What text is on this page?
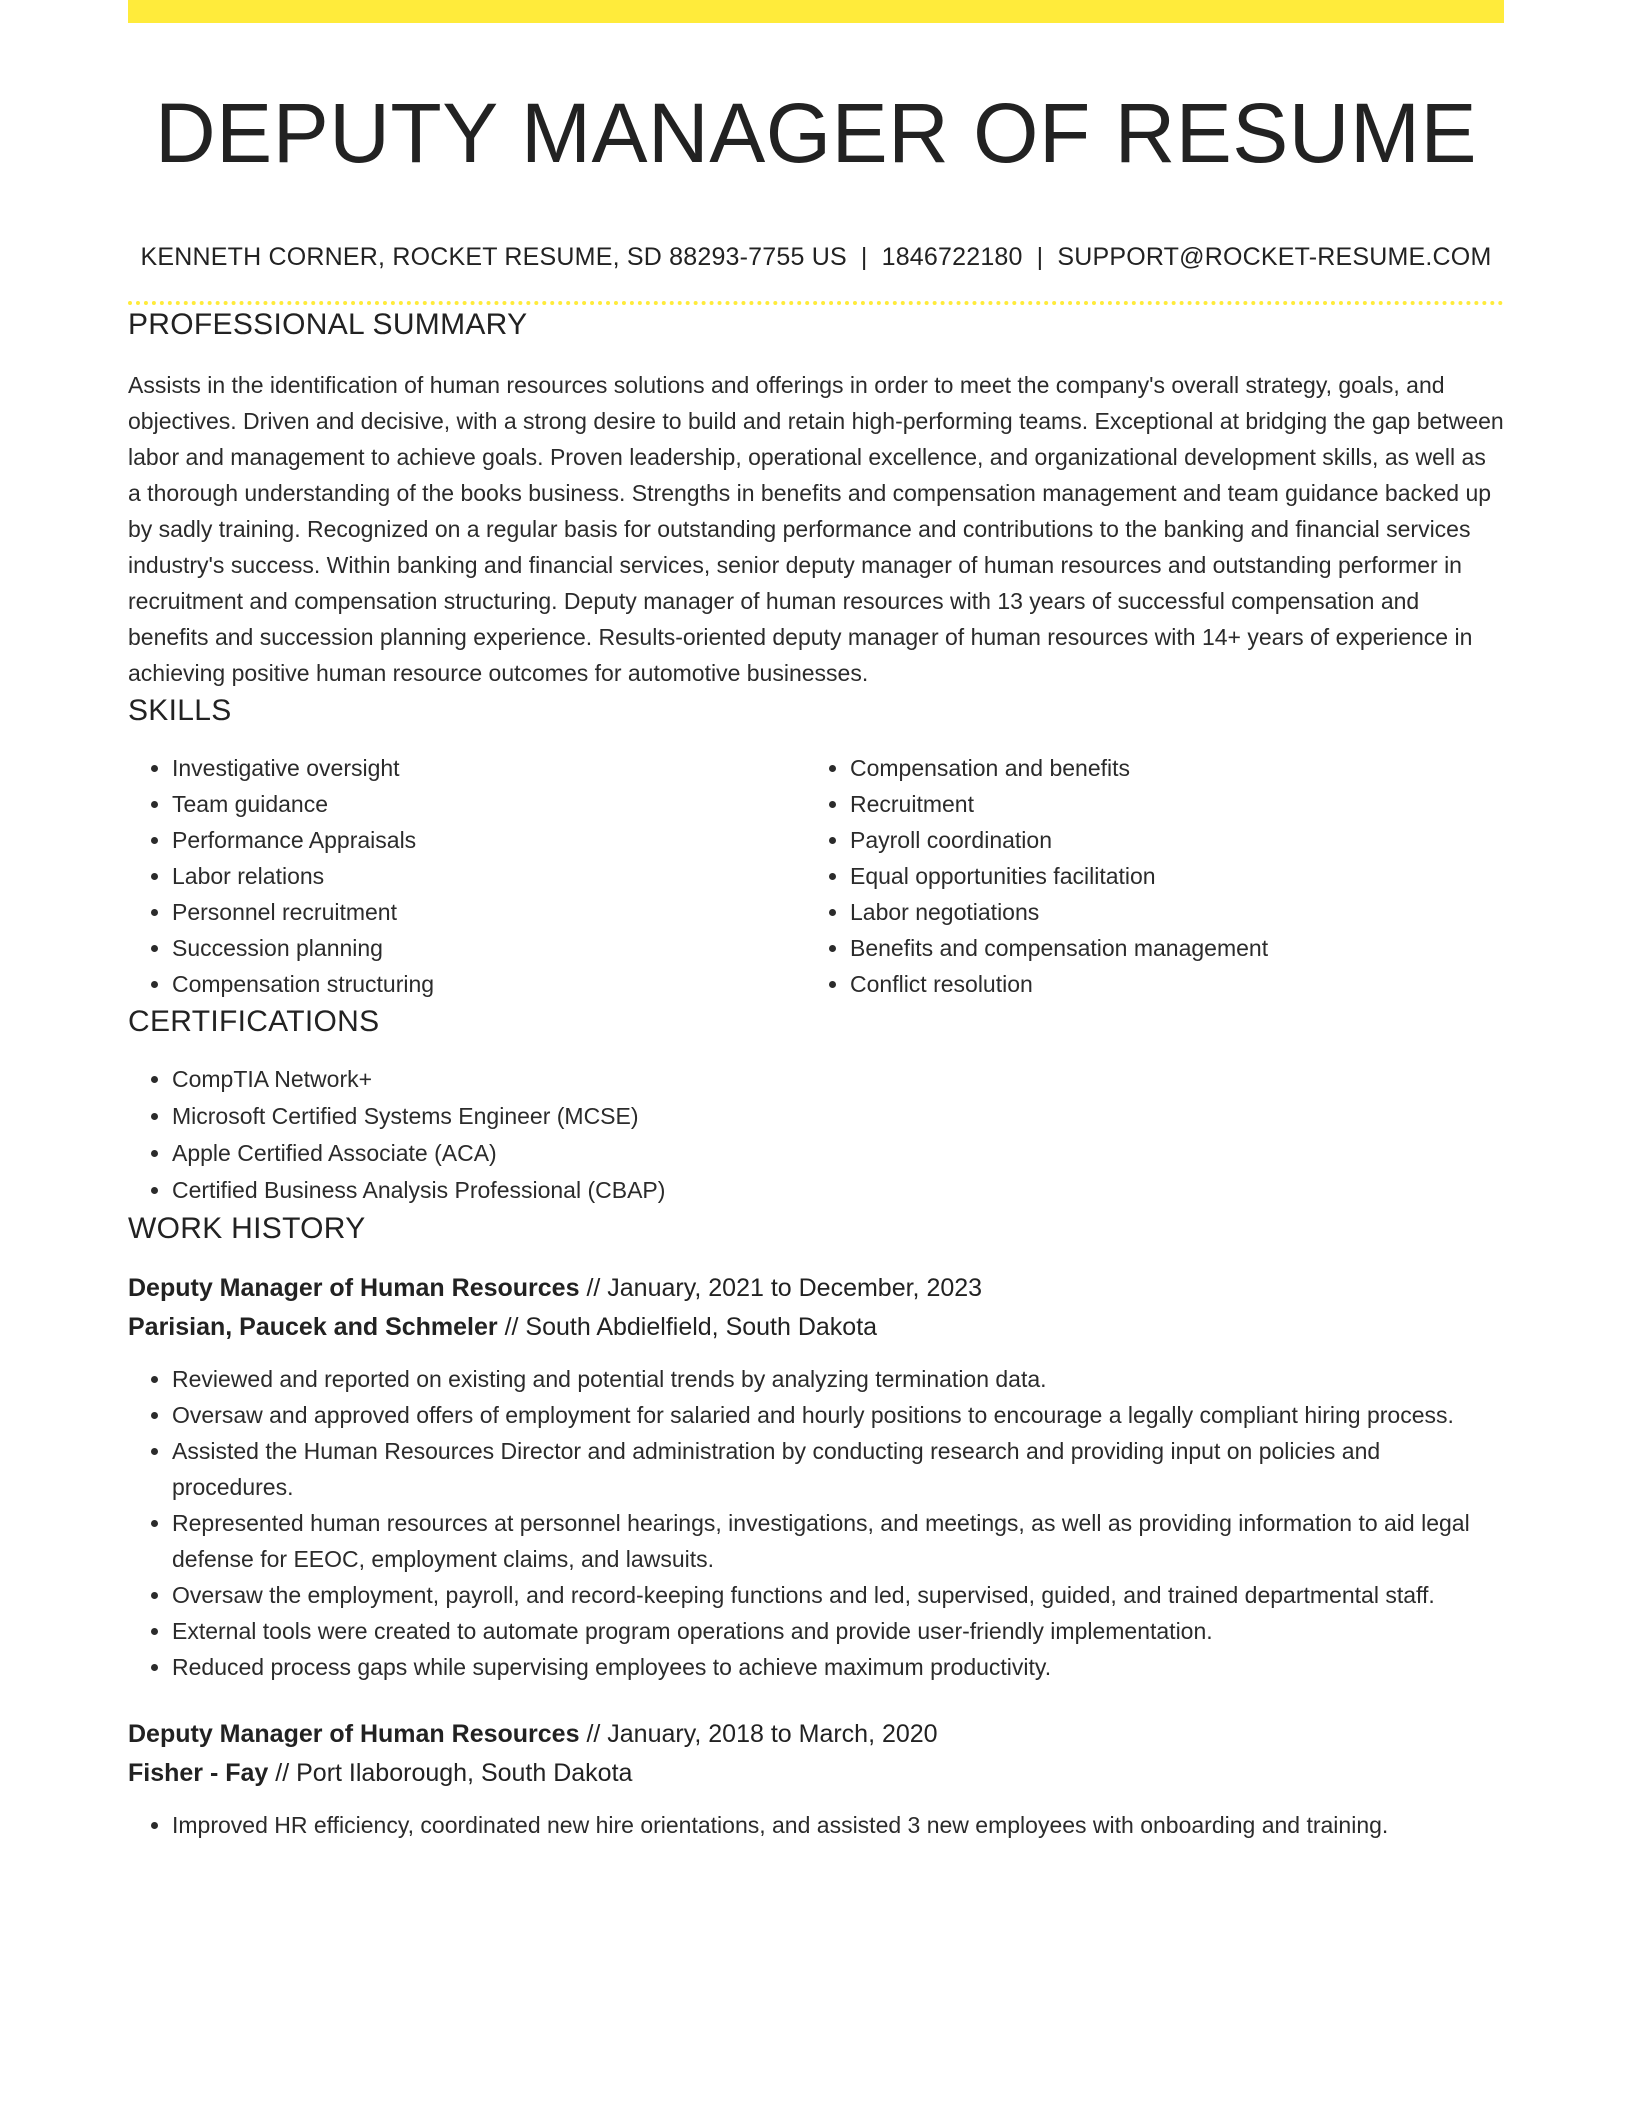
DEPUTY MANAGER OF RESUME
KENNETH CORNER, ROCKET RESUME, SD 88293-7755 US | 1846722180 | SUPPORT@ROCKET-RESUME.COM
PROFESSIONAL SUMMARY

Assists in the identification of human resources solutions and offerings in order to meet the company's overall strategy, goals, and objectives. Driven and decisive, with a strong desire to build and retain high-performing teams. Exceptional at bridging the gap between labor and management to achieve goals. Proven leadership, operational excellence, and organizational development skills, as well as a thorough understanding of the books business. Strengths in benefits and compensation management and team guidance backed up by sadly training. Recognized on a regular basis for outstanding performance and contributions to the banking and financial services industry's success. Within banking and financial services, senior deputy manager of human resources and outstanding performer in recruitment and compensation structuring. Deputy manager of human resources with 13 years of successful compensation and benefits and succession planning experience. Results-oriented deputy manager of human resources with 14+ years of experience in achieving positive human resource outcomes for automotive businesses.

SKILLS
• Investigative oversight
• Team guidance
• Performance Appraisals
• Labor relations
• Personnel recruitment
• Succession planning
• Compensation structuring
• Compensation and benefits
• Recruitment
• Payroll coordination
• Equal opportunities facilitation
• Labor negotiations
• Benefits and compensation management
• Conflict resolution
CERTIFICATIONS
• CompTIA Network+
• Microsoft Certified Systems Engineer (MCSE)
• Apple Certified Associate (ACA)
• Certified Business Analysis Professional (CBAP)
WORK HISTORY
Deputy Manager of Human Resources // January, 2021 to December, 2023
Parisian, Paucek and Schmeler // South Abdielfield, South Dakota
• Reviewed and reported on existing and potential trends by analyzing termination data.
• Oversaw and approved offers of employment for salaried and hourly positions to encourage a legally compliant hiring process.
• Assisted the Human Resources Director and administration by conducting research and providing input on policies and procedures.
• Represented human resources at personnel hearings, investigations, and meetings, as well as providing information to aid legal defense for EEOC, employment claims, and lawsuits.
• Oversaw the employment, payroll, and record-keeping functions and led, supervised, guided, and trained departmental staff.
• External tools were created to automate program operations and provide user-friendly implementation.
• Reduced process gaps while supervising employees to achieve maximum productivity.
Deputy Manager of Human Resources // January, 2018 to March, 2020
Fisher - Fay // Port Ilaborough, South Dakota
• Improved HR efficiency, coordinated new hire orientations, and assisted 3 new employees with onboarding and training.
